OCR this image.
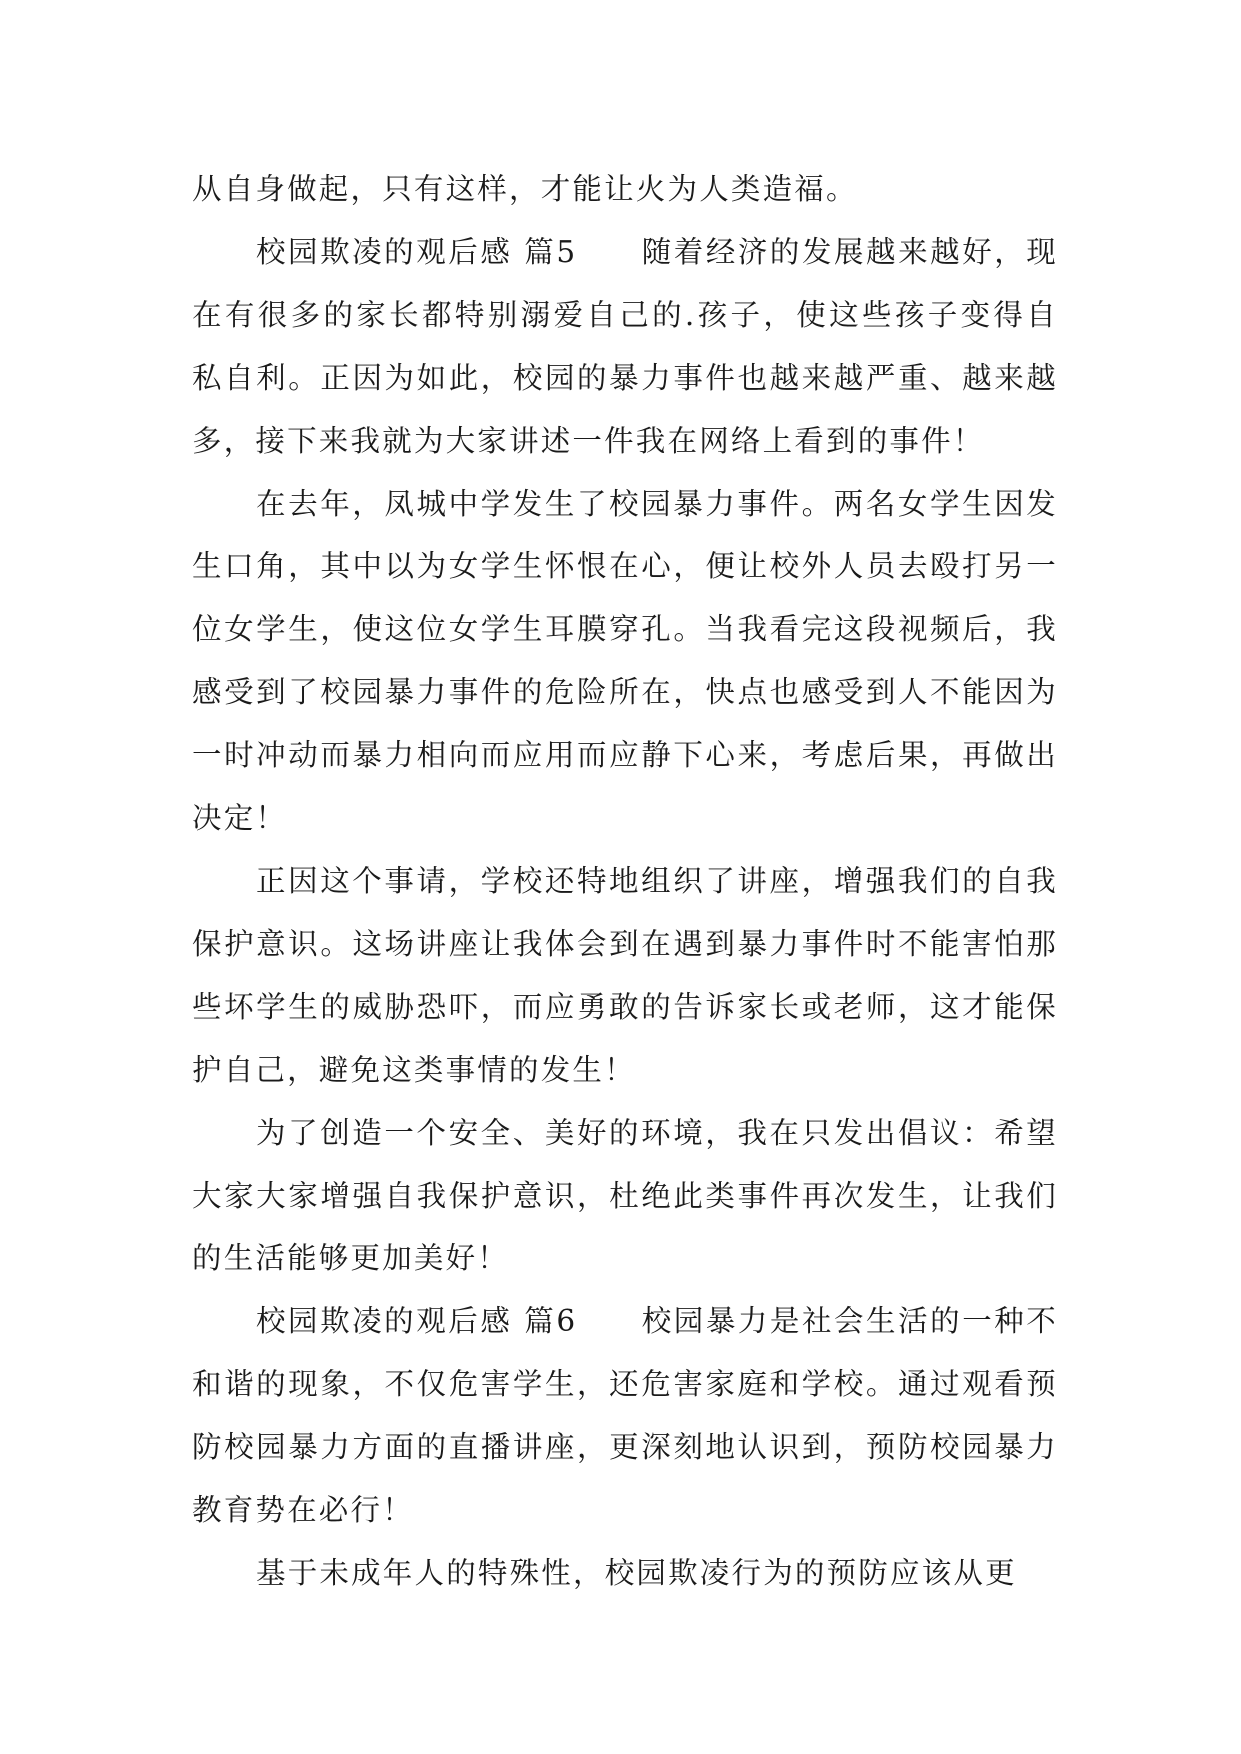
从自身做起，只有这样，才能让火为人类造福。

校园欺凌的观后感 篇5　　随着经济的发展越来越好，现在有很多的家长都特别溺爱自己的.孩子，使这些孩子变得自私自利。正因为如此，校园的暴力事件也越来越严重、越来越多，接下来我就为大家讲述一件我在网络上看到的事件！

在去年，凤城中学发生了校园暴力事件。两名女学生因发生口角，其中以为女学生怀恨在心，便让校外人员去殴打另一位女学生，使这位女学生耳膜穿孔。当我看完这段视频后，我感受到了校园暴力事件的危险所在，快点也感受到人不能因为一时冲动而暴力相向而应用而应静下心来，考虑后果，再做出决定！

正因这个事请，学校还特地组织了讲座，增强我们的自我保护意识。这场讲座让我体会到在遇到暴力事件时不能害怕那些坏学生的威胁恐吓，而应勇敢的告诉家长或老师，这才能保护自己，避免这类事情的发生！

为了创造一个安全、美好的环境，我在只发出倡议：希望大家大家增强自我保护意识，杜绝此类事件再次发生，让我们的生活能够更加美好！

校园欺凌的观后感 篇6　　校园暴力是社会生活的一种不和谐的现象，不仅危害学生，还危害家庭和学校。通过观看预防校园暴力方面的直播讲座，更深刻地认识到，预防校园暴力教育势在必行！

基于未成年人的特殊性，校园欺凌行为的预防应该从更
